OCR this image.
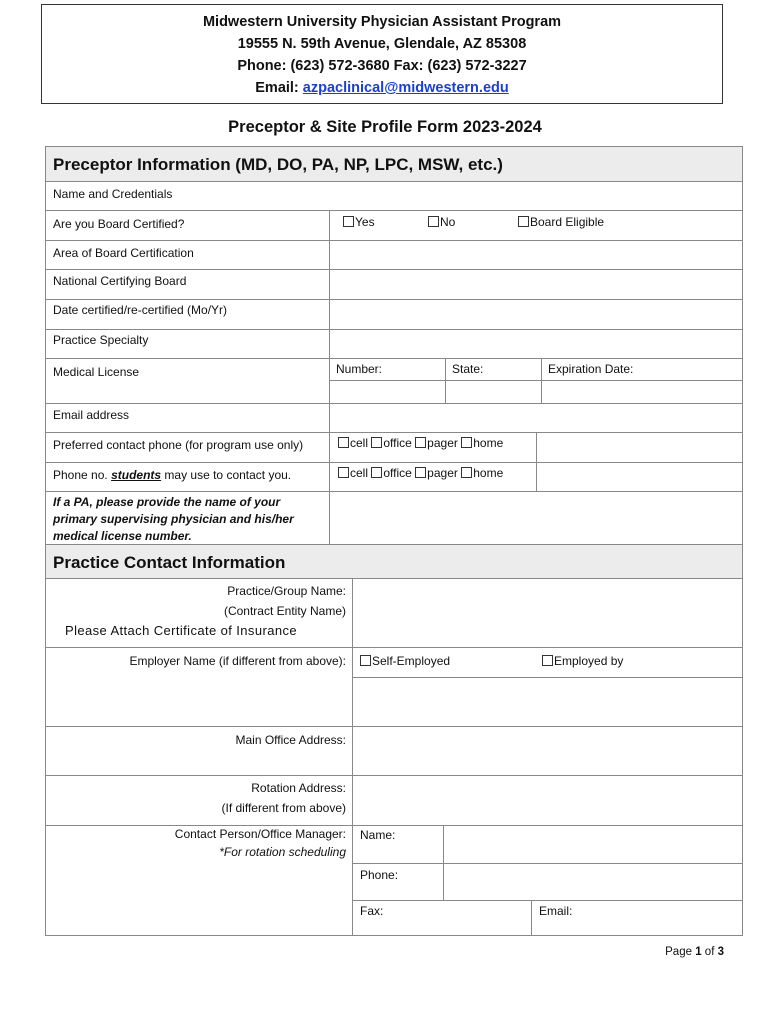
Midwestern University Physician Assistant Program
19555 N. 59th Avenue, Glendale, AZ 85308
Phone: (623) 572-3680 Fax: (623) 572-3227
Email: azpaclinical@midwestern.edu
Preceptor & Site Profile Form 2023-2024
Preceptor Information (MD, DO, PA, NP, LPC, MSW, etc.)
Name and Credentials
Are you Board Certified?	Yes	No	Board Eligible
Area of Board Certification
National Certifying Board
Date certified/re-certified (Mo/Yr)
Practice Specialty
Medical License	Number:	State:	Expiration Date:
Email address
Preferred contact phone (for program use only)	cell office pager home
Phone no. students may use to contact you.	cell office pager home
If a PA, please provide the name of your
primary supervising physician and his/her
medical license number.
Practice Contact Information
Practice/Group Name:
(Contract Entity Name)
Please Attach Certificate of Insurance
Employer Name (if different from above):	Self-Employed	Employed by
Main Office Address:
Rotation Address:
(If different from above)
Contact Person/Office Manager:
*For rotation scheduling
Name:
Phone:
Fax:	Email:
Page 1 of 3
